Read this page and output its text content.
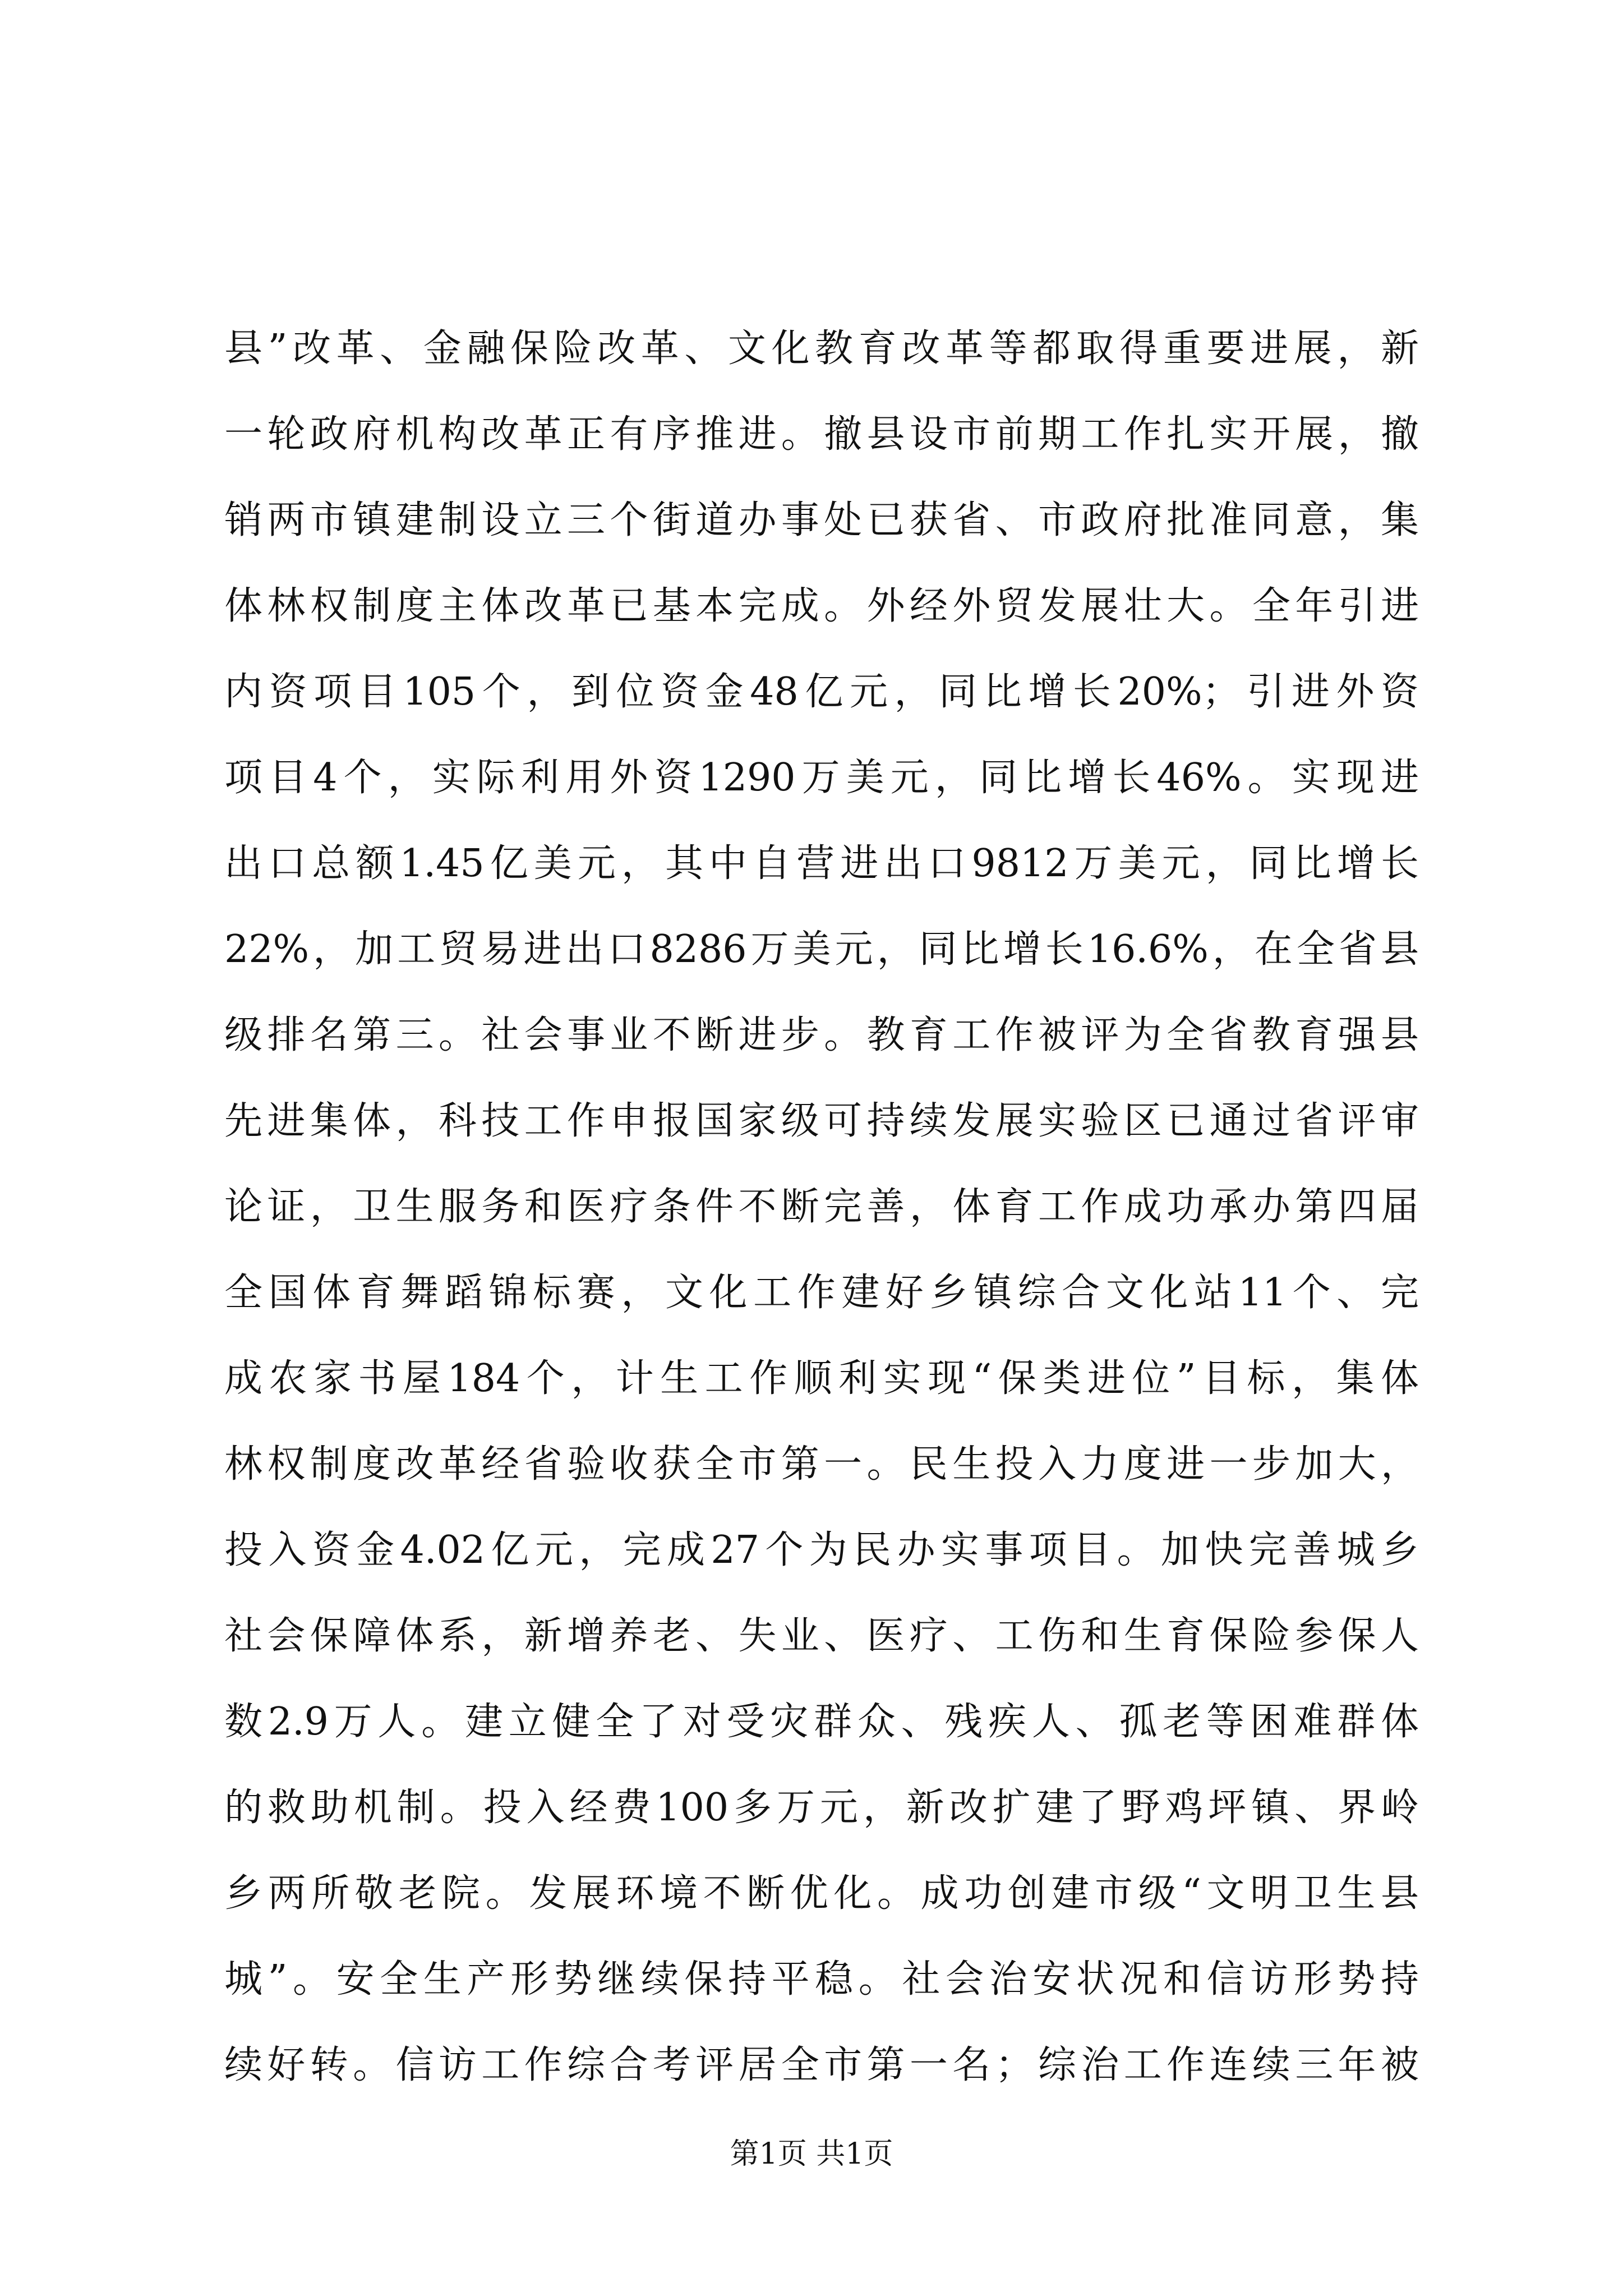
县”改革、金融保险改革、文化教育改革等都取得重要进展，新
一轮政府机构改革正有序推进。撤县设市前期工作扎实开展，撤
销两市镇建制设立三个街道办事处已获省、市政府批准同意，集
体林权制度主体改革已基本完成。外经外贸发展壮大。全年引进
内资项目105个，到位资金48亿元，同比增长20%；引进外资
项目4个，实际利用外资1290万美元，同比增长46%。实现进
出口总额1.45亿美元，其中自营进出口9812万美元，同比增长
22%，加工贸易进出口8286万美元，同比增长16.6%，在全省县
级排名第三。社会事业不断进步。教育工作被评为全省教育强县
先进集体，科技工作申报国家级可持续发展实验区已通过省评审
论证，卫生服务和医疗条件不断完善，体育工作成功承办第四届
全国体育舞蹈锦标赛，文化工作建好乡镇综合文化站11个、完
成农家书屋184个，计生工作顺利实现“保类进位”目标，集体
林权制度改革经省验收获全市第一。民生投入力度进一步加大，
投入资金4.02亿元，完成27个为民办实事项目。加快完善城乡
社会保障体系，新增养老、失业、医疗、工伤和生育保险参保人
数2.9万人。建立健全了对受灾群众、残疾人、孤老等困难群体
的救助机制。投入经费100多万元，新改扩建了野鸡坪镇、界岭
乡两所敬老院。发展环境不断优化。成功创建市级“文明卫生县
城”。安全生产形势继续保持平稳。社会治安状况和信访形势持
续好转。信访工作综合考评居全市第一名；综治工作连续三年被
第1页 共1页
